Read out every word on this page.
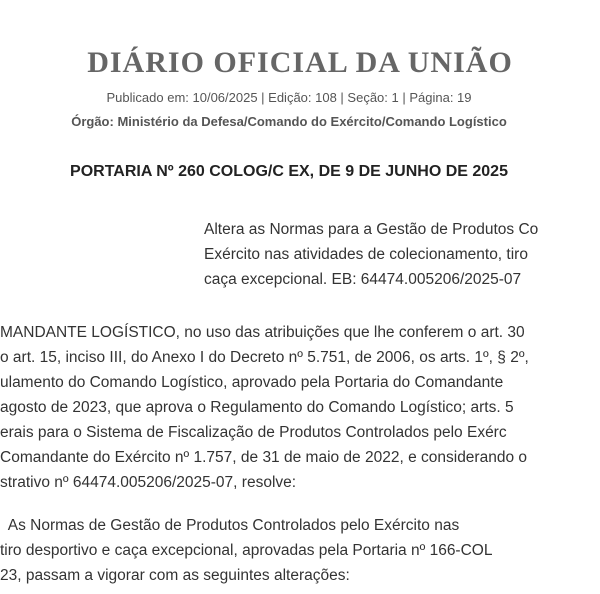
DIÁRIO OFICIAL DA UNIÃO
Publicado em: 10/06/2025 | Edição: 108 | Seção: 1 | Página: 19
Órgão: Ministério da Defesa/Comando do Exército/Comando Logístico
PORTARIA Nº 260 COLOG/C EX, DE 9 DE JUNHO DE 2025
Altera as Normas para a Gestão de Produtos Co
Exército nas atividades de colecionamento, tiro
caça excepcional. EB: 64474.005206/2025-07
MANDANTE LOGÍSTICO, no uso das atribuições que lhe conferem o art. 30
o art. 15, inciso III, do Anexo I do Decreto nº 5.751, de 2006, os arts. 1º, § 2º,
ulamento do Comando Logístico, aprovado pela Portaria do Comandante
agosto de 2023, que aprova o Regulamento do Comando Logístico; arts. 5
erais para o Sistema de Fiscalização de Produtos Controlados pelo Exérc
Comandante do Exército nº 1.757, de 31 de maio de 2022, e considerando o
strativo nº 64474.005206/2025-07, resolve:
As Normas de Gestão de Produtos Controlados pelo Exército nas
tiro desportivo e caça excepcional, aprovadas pela Portaria nº 166-COL
23, passam a vigorar com as seguintes alterações:
